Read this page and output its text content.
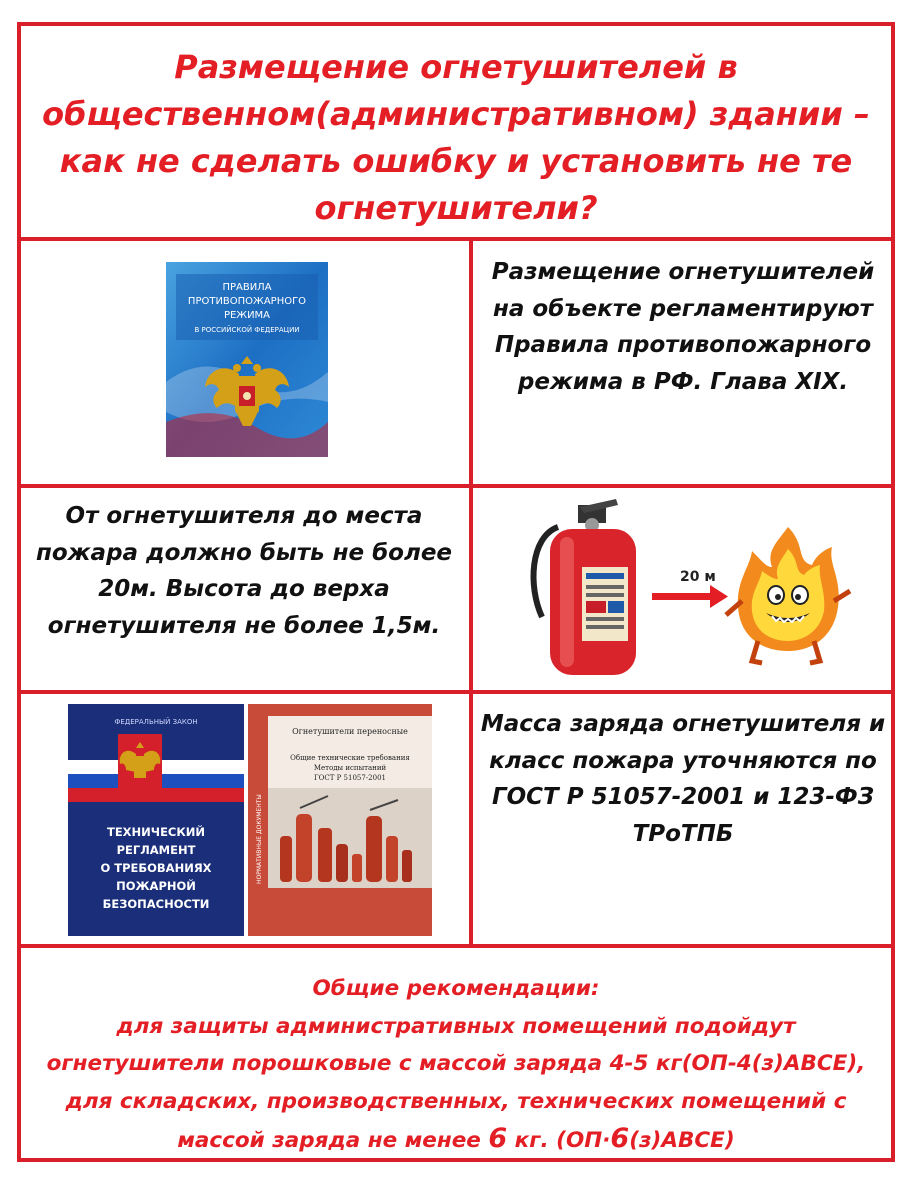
Размещение огнетушителей в общественном(административном) здании – как не сделать ошибку и установить не те огнетушители?
ПРАВИЛА
ПРОТИВОПОЖАРНОГО
РЕЖИМА
В РОССИЙСКОЙ ФЕДЕРАЦИИ
Размещение огнетушителей на объекте регламентируют Правила противопожарного режима в РФ. Глава XIX.
От огнетушителя до места пожара должно быть не более 20м. Высота до верха огнетушителя не более 1,5м.
20 м
ФЕДЕРАЛЬНЫЙ ЗАКОН
ТЕХНИЧЕСКИЙ
РЕГЛАМЕНТ
О ТРЕБОВАНИЯХ
ПОЖАРНОЙ
БЕЗОПАСНОСТИ
НОРМАТИВНЫЕ ДОКУМЕНТЫ
Огнетушители переносные
Общие технические требования
Методы испытаний
ГОСТ Р 51057-2001
Масса заряда огнетушителя и класс пожара уточняются по ГОСТ Р 51057-2001 и 123-ФЗ ТРоТПБ
Общие рекомендации:
для защиты административных помещений подойдут огнетушители порошковые с массой заряда 4-5 кг(ОП-4(з)АВСЕ), для складских, производственных, технических помещений с массой заряда не менее 6 кг. (ОП·6(з)АВСЕ)
